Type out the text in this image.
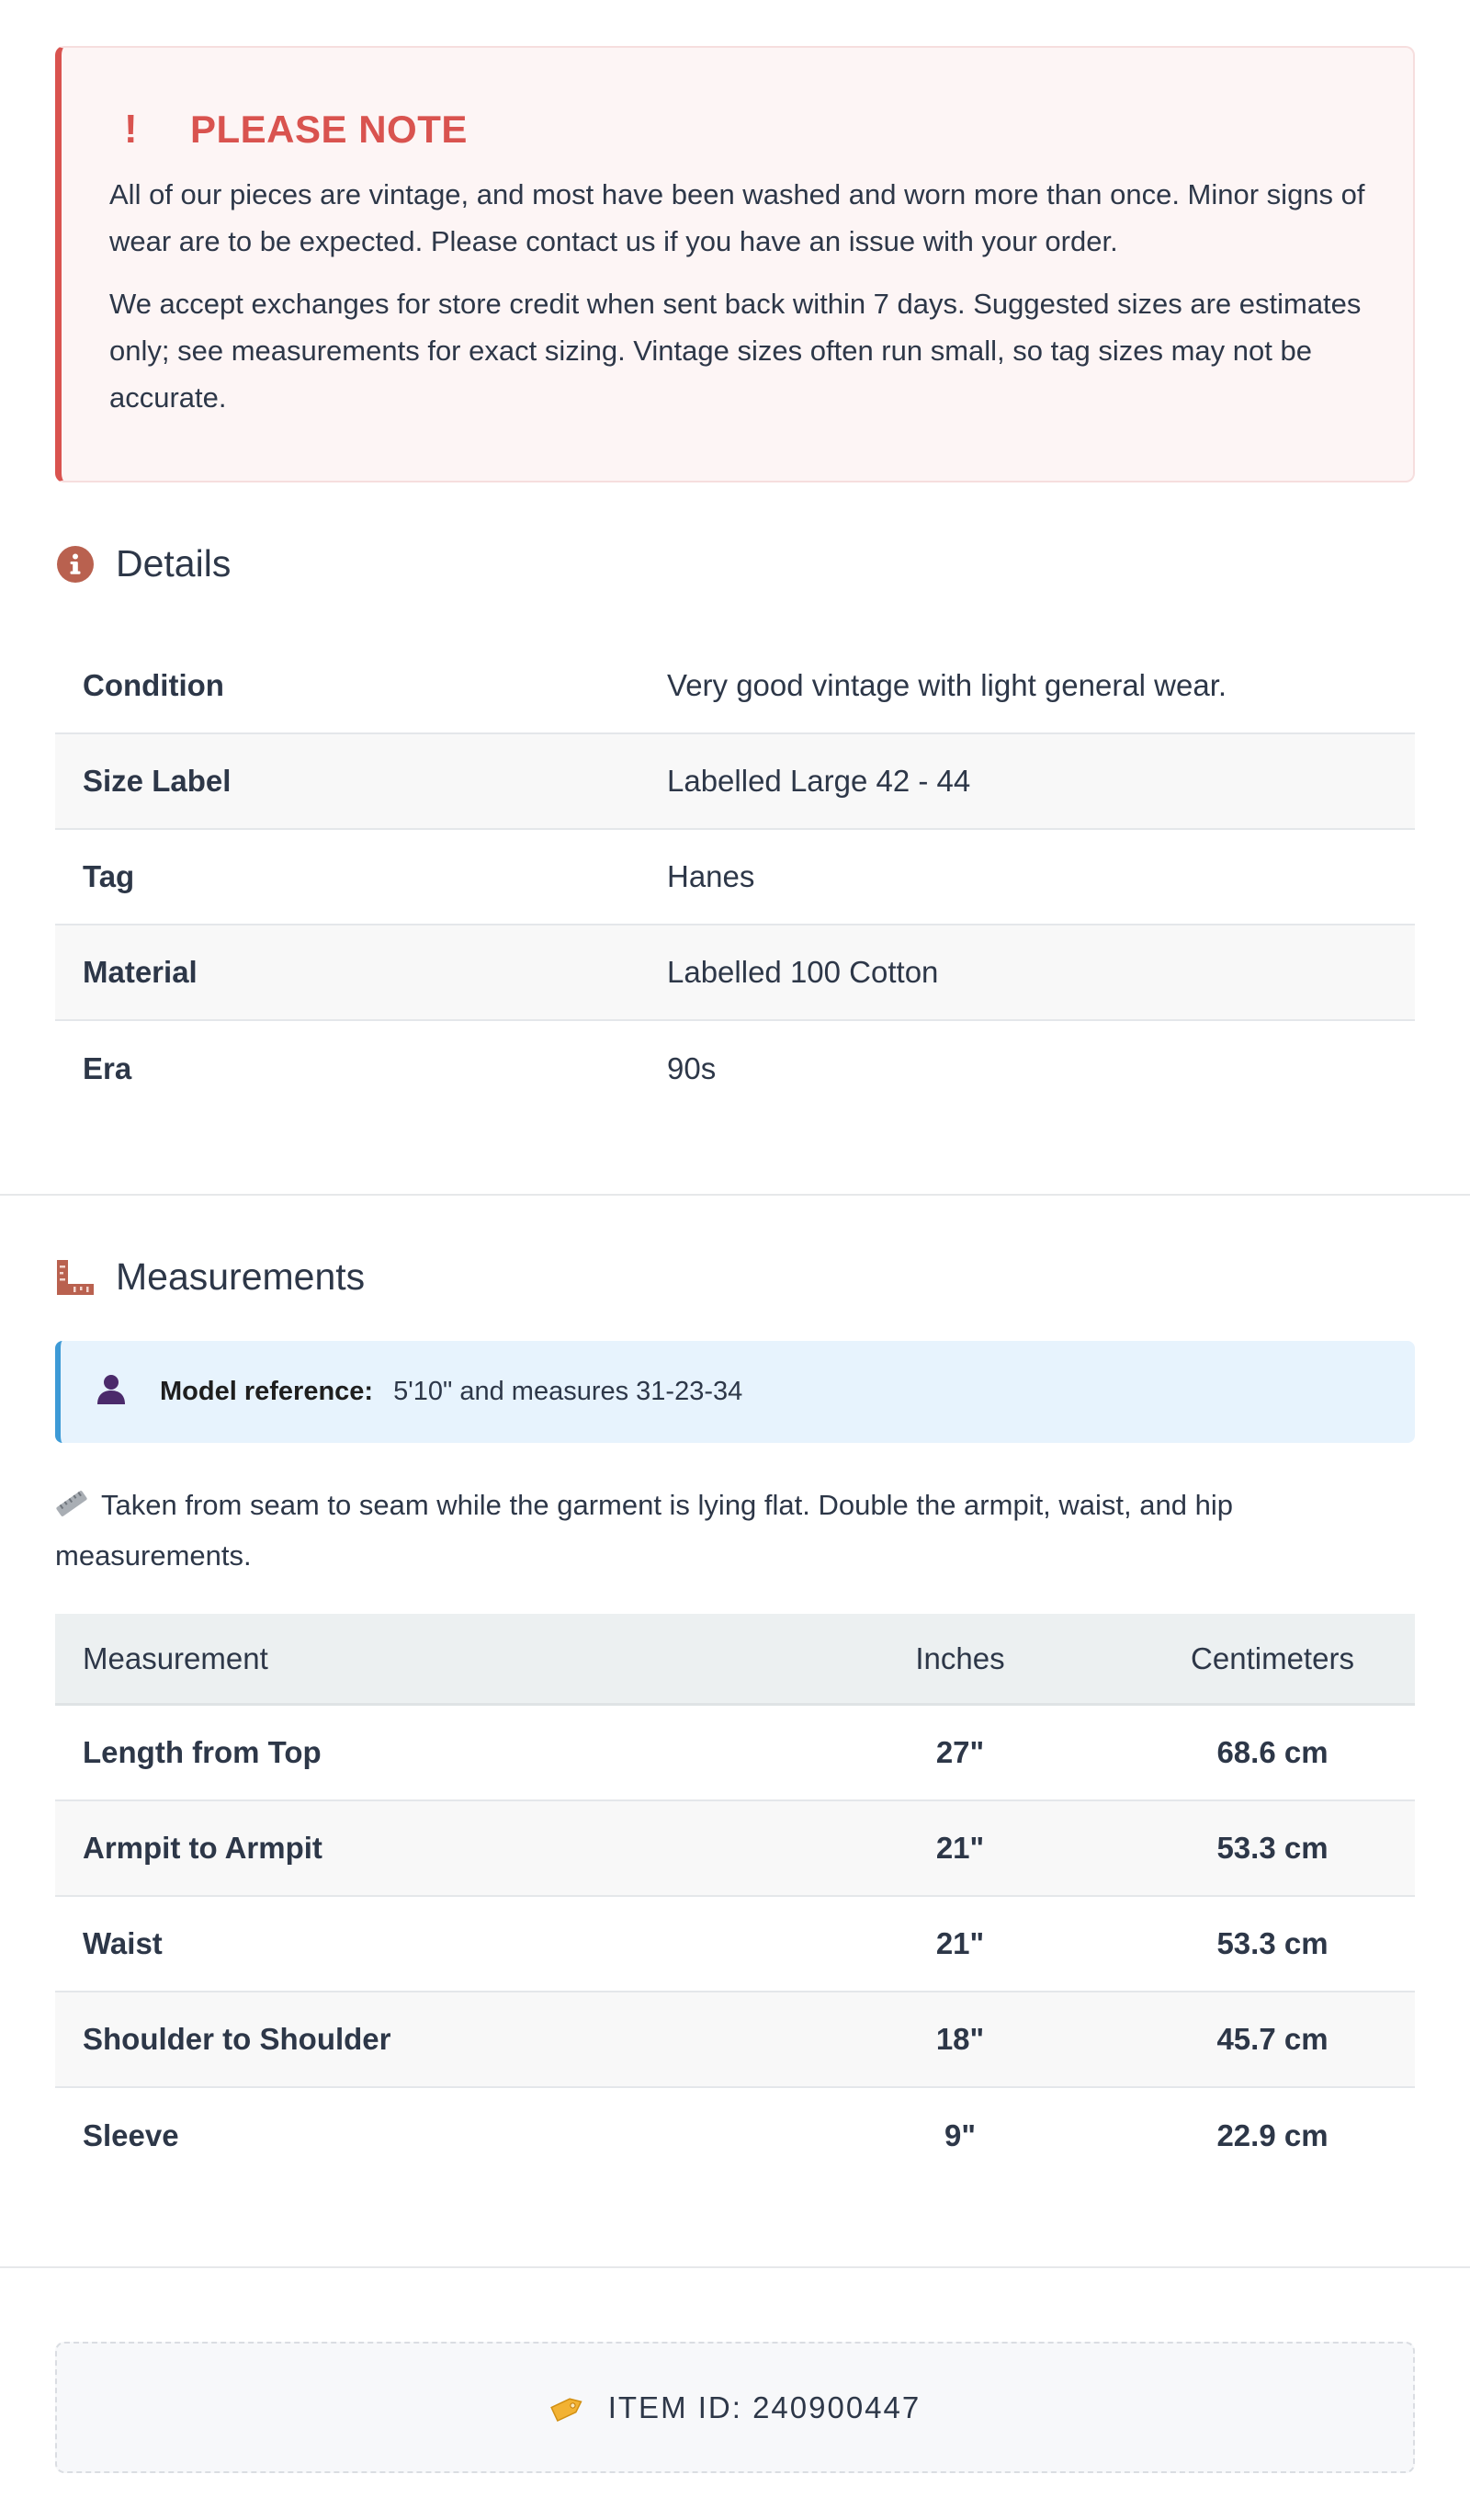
!	PLEASE NOTE

All of our pieces are vintage, and most have been washed and worn more than once. Minor signs of wear are to be expected. Please contact us if you have an issue with your order.

We accept exchanges for store credit when sent back within 7 days. Suggested sizes are estimates only; see measurements for exact sizing. Vintage sizes often run small, so tag sizes may not be accurate.

Details
Condition	Very good vintage with light general wear.
Size Label	Labelled Large 42 - 44
Tag	Hanes
Material	Labelled 100 Cotton
Era	90s
Measurements
Model reference: 5'10" and measures 31-23-34
Taken from seam to seam while the garment is lying flat. Double the armpit, waist, and hip measurements.
Measurement	Inches	Centimeters
Length from Top	27"	68.6 cm
Armpit to Armpit	21"	53.3 cm
Waist	21"	53.3 cm
Shoulder to Shoulder	18"	45.7 cm
Sleeve	9"	22.9 cm
ITEM ID: 240900447
